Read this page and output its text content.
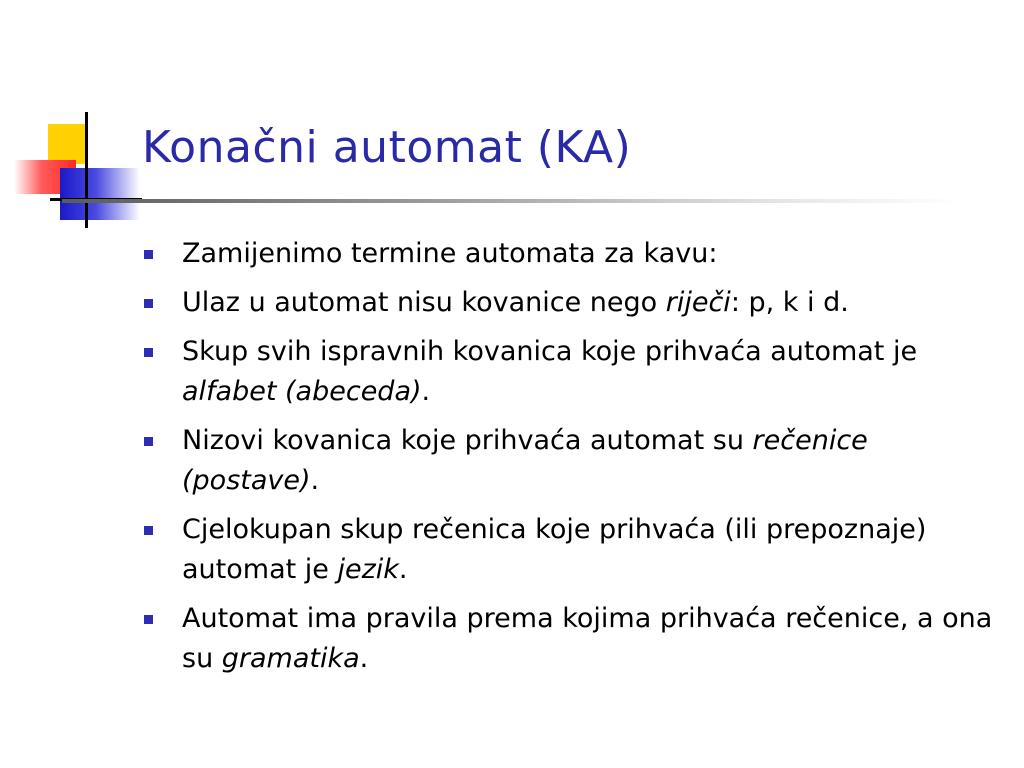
Konačni automat (KA)
Zamijenimo termine automata za kavu:
Ulaz u automat nisu kovanice nego riječi: p, k i d.
Skup svih ispravnih kovanica koje prihvaća automat je alfabet (abeceda).
Nizovi kovanica koje prihvaća automat su rečenice (postave).
Cjelokupan skup rečenica koje prihvaća (ili prepoznaje) automat je jezik.
Automat ima pravila prema kojima prihvaća rečenice, a ona su gramatika.
